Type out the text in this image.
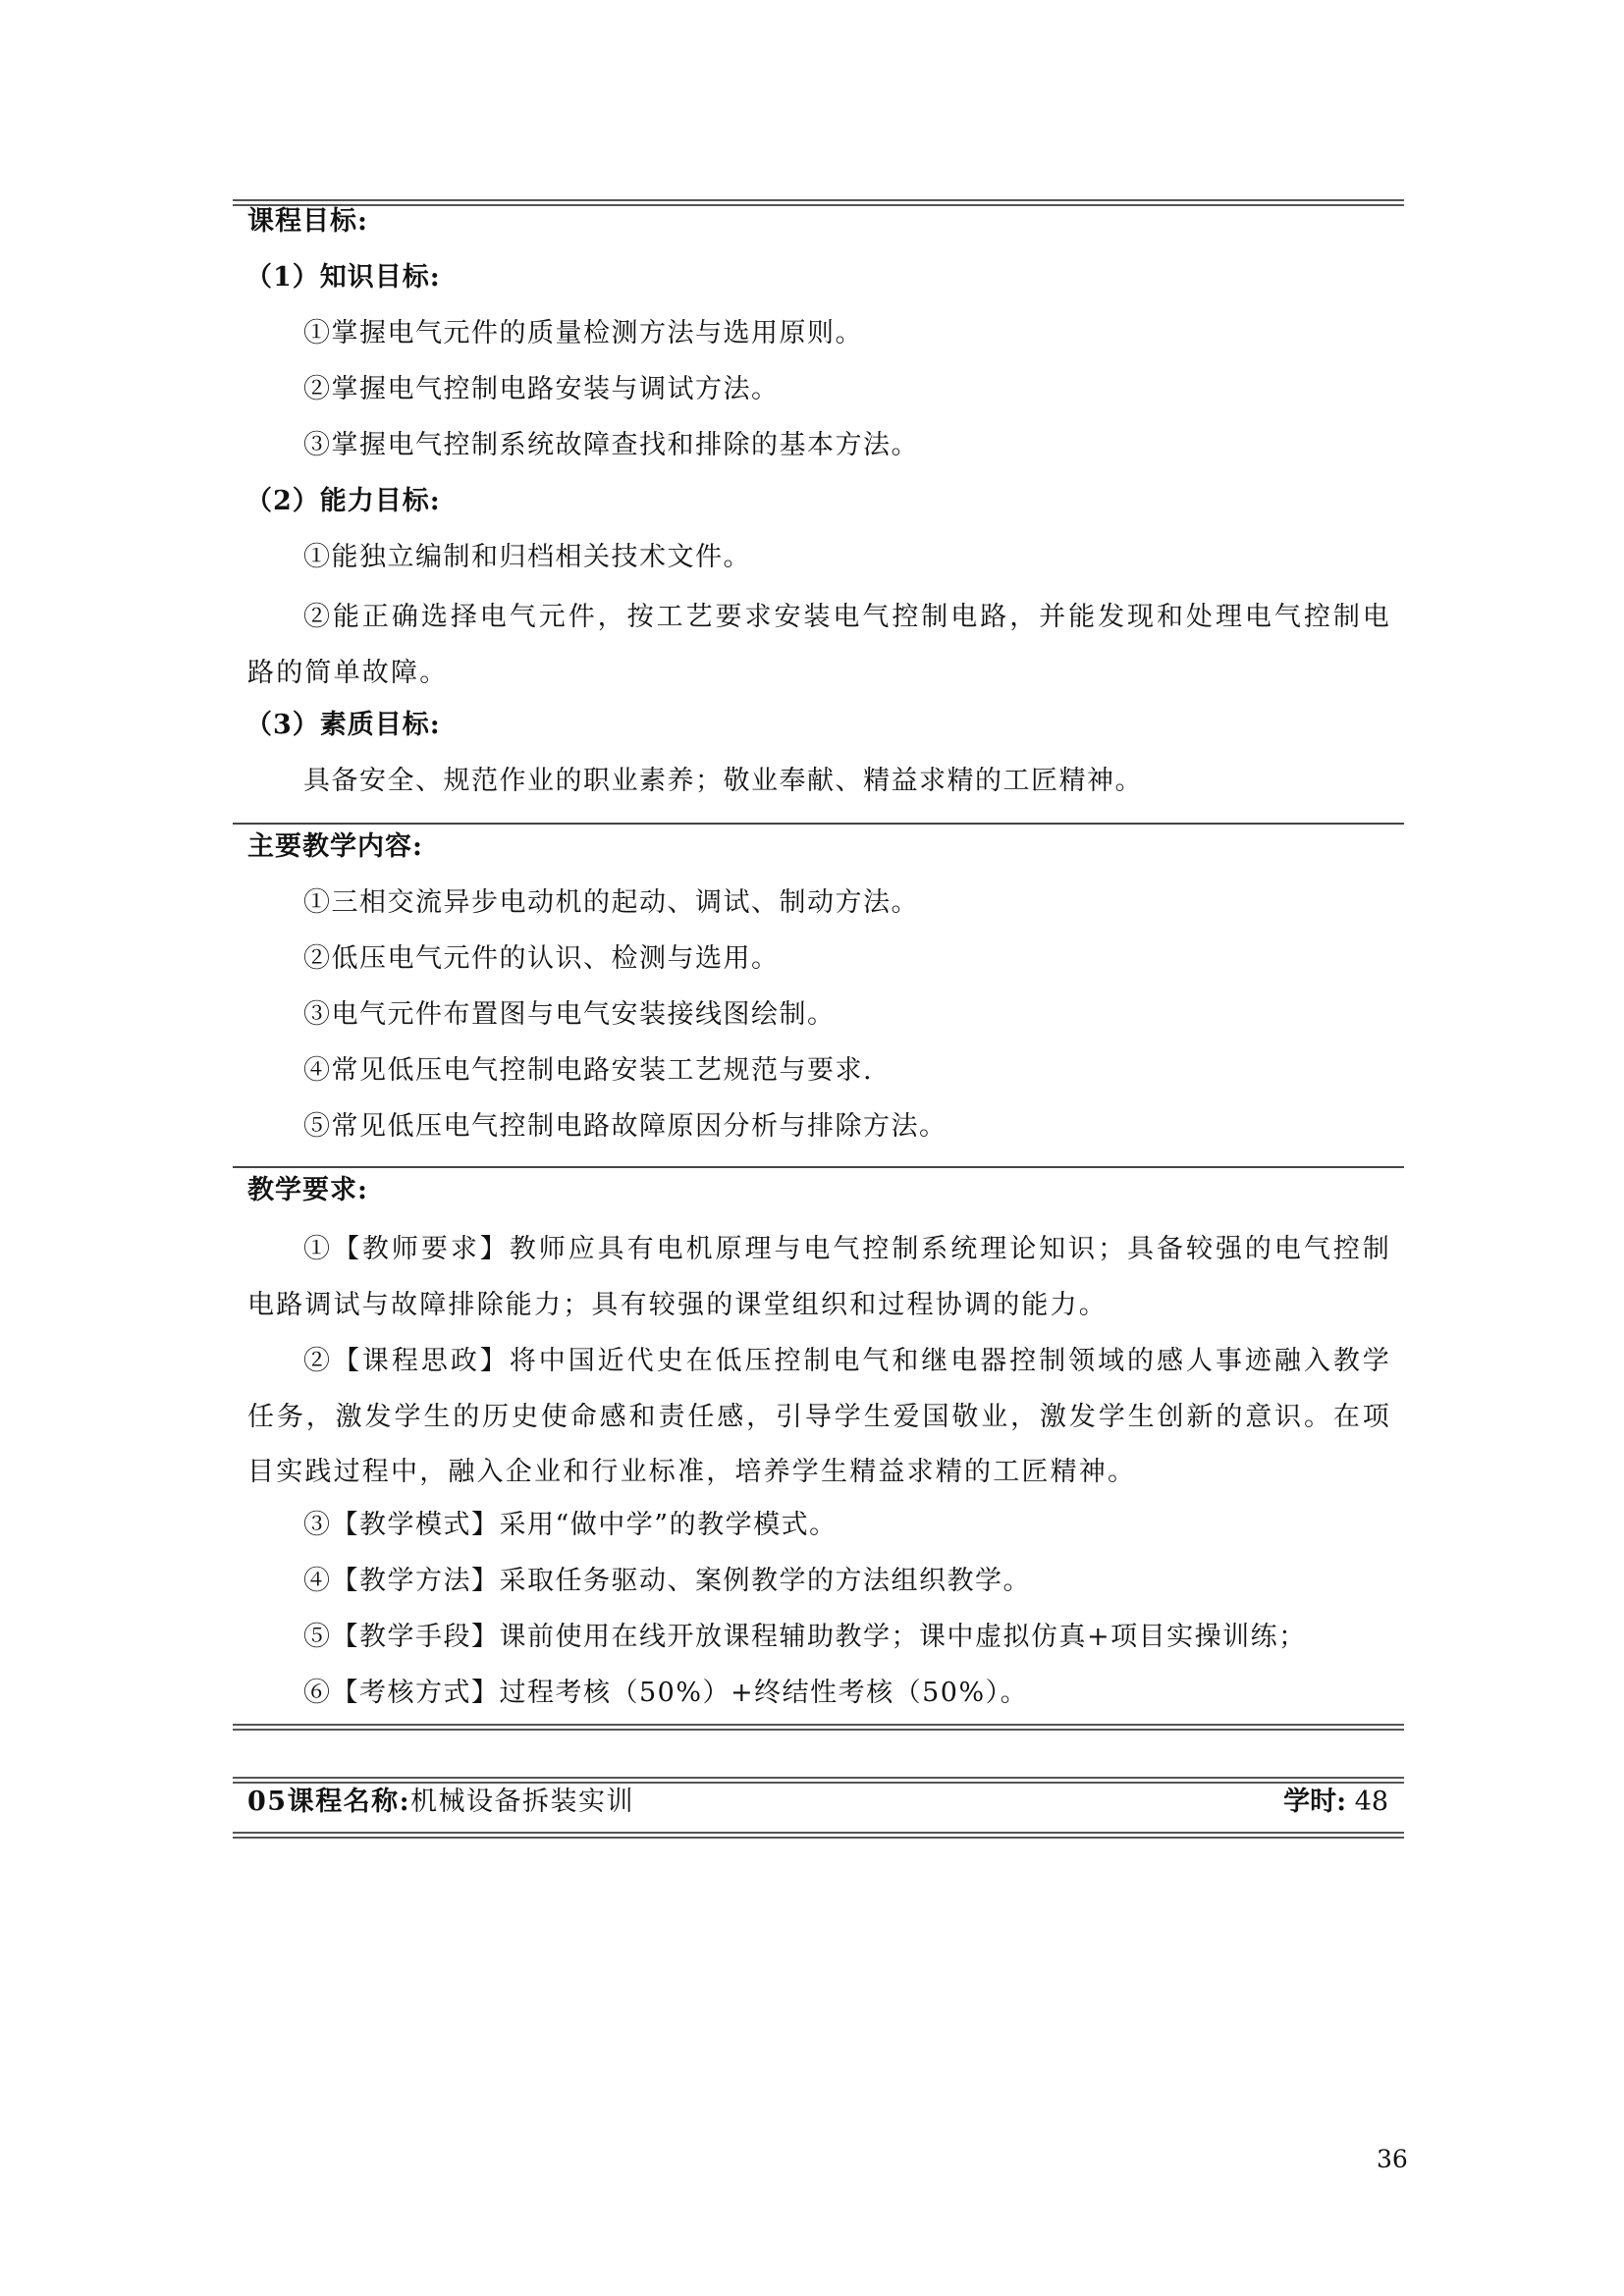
课程目标:
（1）知识目标:
①掌握电气元件的质量检测方法与选用原则。
②掌握电气控制电路安装与调试方法。
③掌握电气控制系统故障查找和排除的基本方法。
（2）能力目标:
①能独立编制和归档相关技术文件。
②能正确选择电气元件，按工艺要求安装电气控制电路，并能发现和处理电气控制电路的简单故障。
（3）素质目标:
具备安全、规范作业的职业素养；敬业奉献、精益求精的工匠精神。
主要教学内容:
①三相交流异步电动机的起动、调试、制动方法。
②低压电气元件的认识、检测与选用。
③电气元件布置图与电气安装接线图绘制。
④常见低压电气控制电路安装工艺规范与要求.
⑤常见低压电气控制电路故障原因分析与排除方法。
教学要求:
①【教师要求】教师应具有电机原理与电气控制系统理论知识；具备较强的电气控制电路调试与故障排除能力；具有较强的课堂组织和过程协调的能力。
②【课程思政】将中国近代史在低压控制电气和继电器控制领域的感人事迹融入教学任务，激发学生的历史使命感和责任感，引导学生爱国敬业，激发学生创新的意识。在项目实践过程中，融入企业和行业标准，培养学生精益求精的工匠精神。
③【教学模式】采用“做中学”的教学模式。
④【教学方法】采取任务驱动、案例教学的方法组织教学。
⑤【教学手段】课前使用在线开放课程辅助教学；课中虚拟仿真+项目实操训练；
⑥【考核方式】过程考核（50%）+终结性考核（50%）。
05课程名称:机械设备拆装实训	学时: 48
36
